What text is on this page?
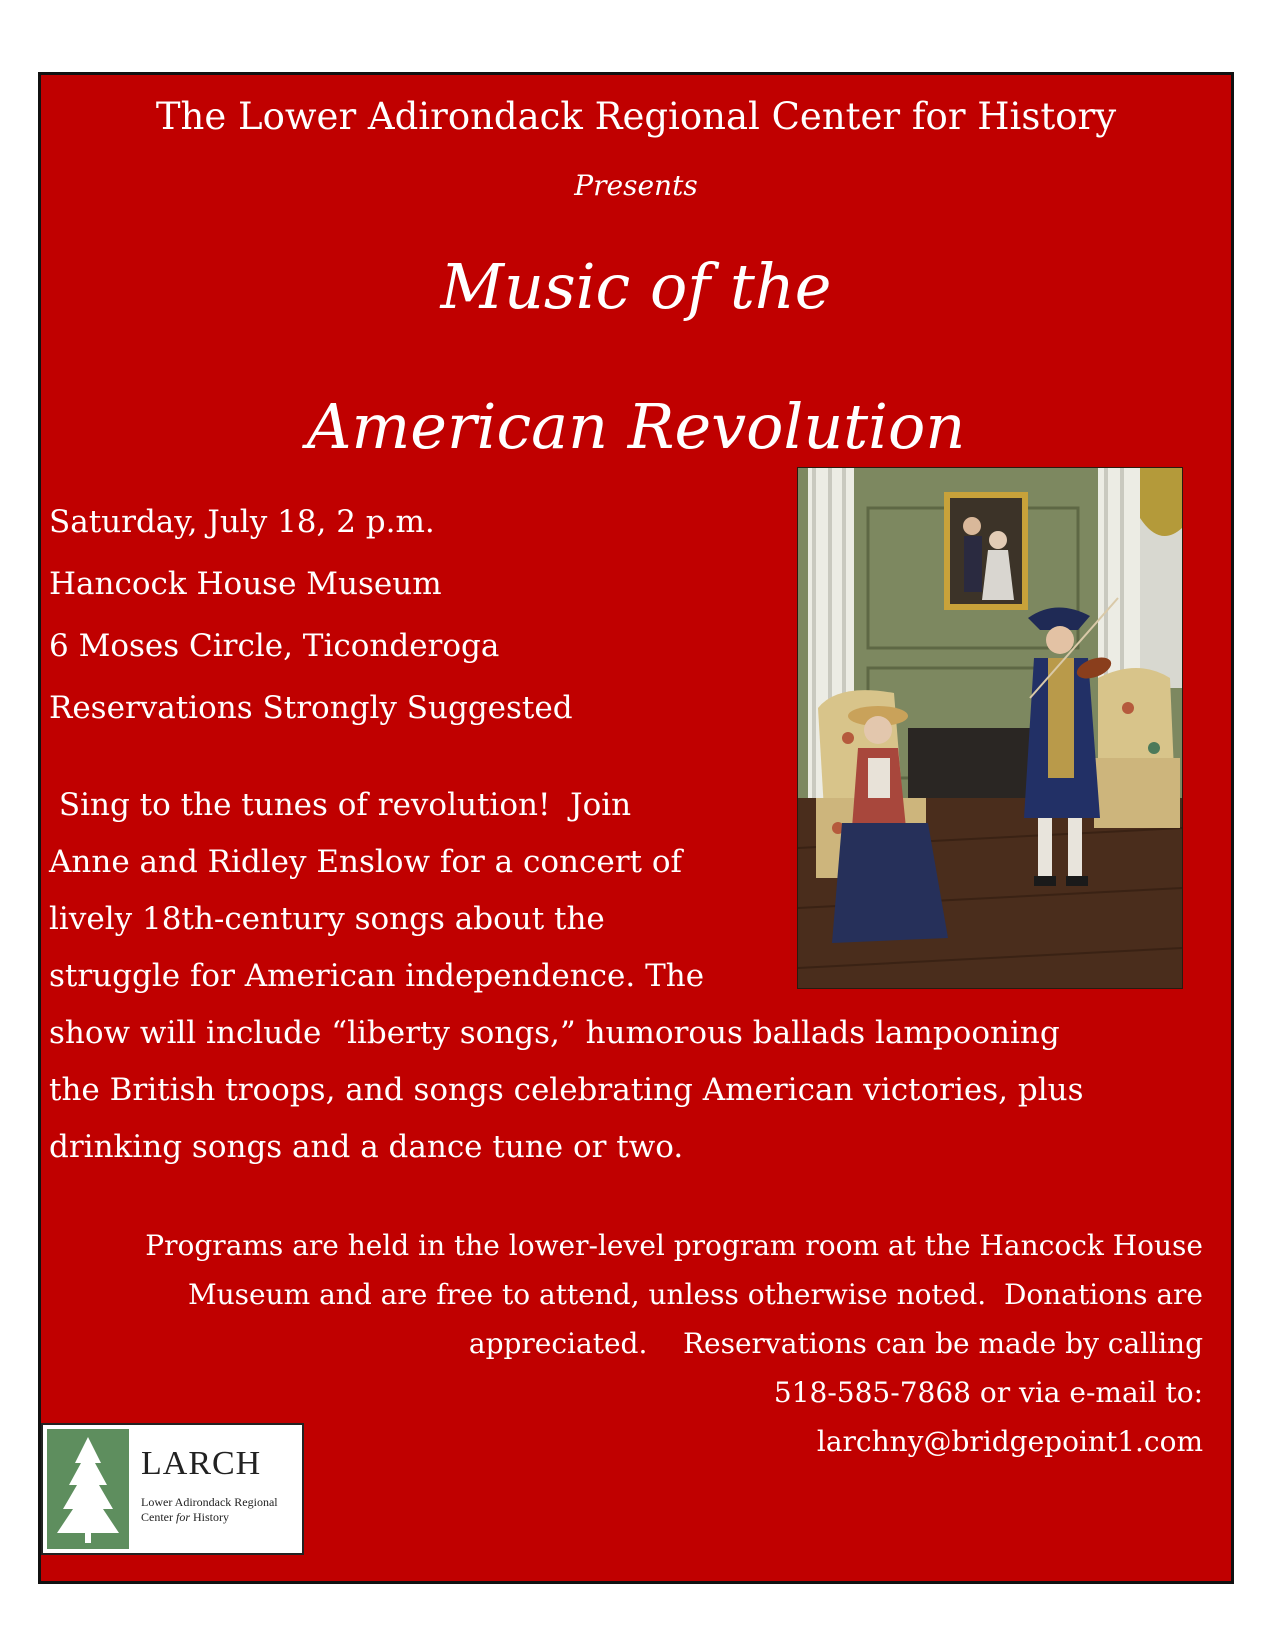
The Lower Adirondack Regional Center for History
Presents
Music of the
American Revolution
Saturday, July 18, 2 p.m.
Hancock House Museum
6 Moses Circle, Ticonderoga
Reservations Strongly Suggested
Sing to the tunes of revolution!  Join
Anne and Ridley Enslow for a concert of
lively 18th-century songs about the
struggle for American independence. The
show will include “liberty songs,” humorous ballads lampooning
the British troops, and songs celebrating American victories, plus
drinking songs and a dance tune or two.
Programs are held in the lower-level program room at the Hancock House
Museum and are free to attend, unless otherwise noted.  Donations are
appreciated.    Reservations can be made by calling
518-585-7868 or via e-mail to:
larchny@bridgepoint1.com
LARCH
Lower Adirondack Regional
Center for History
